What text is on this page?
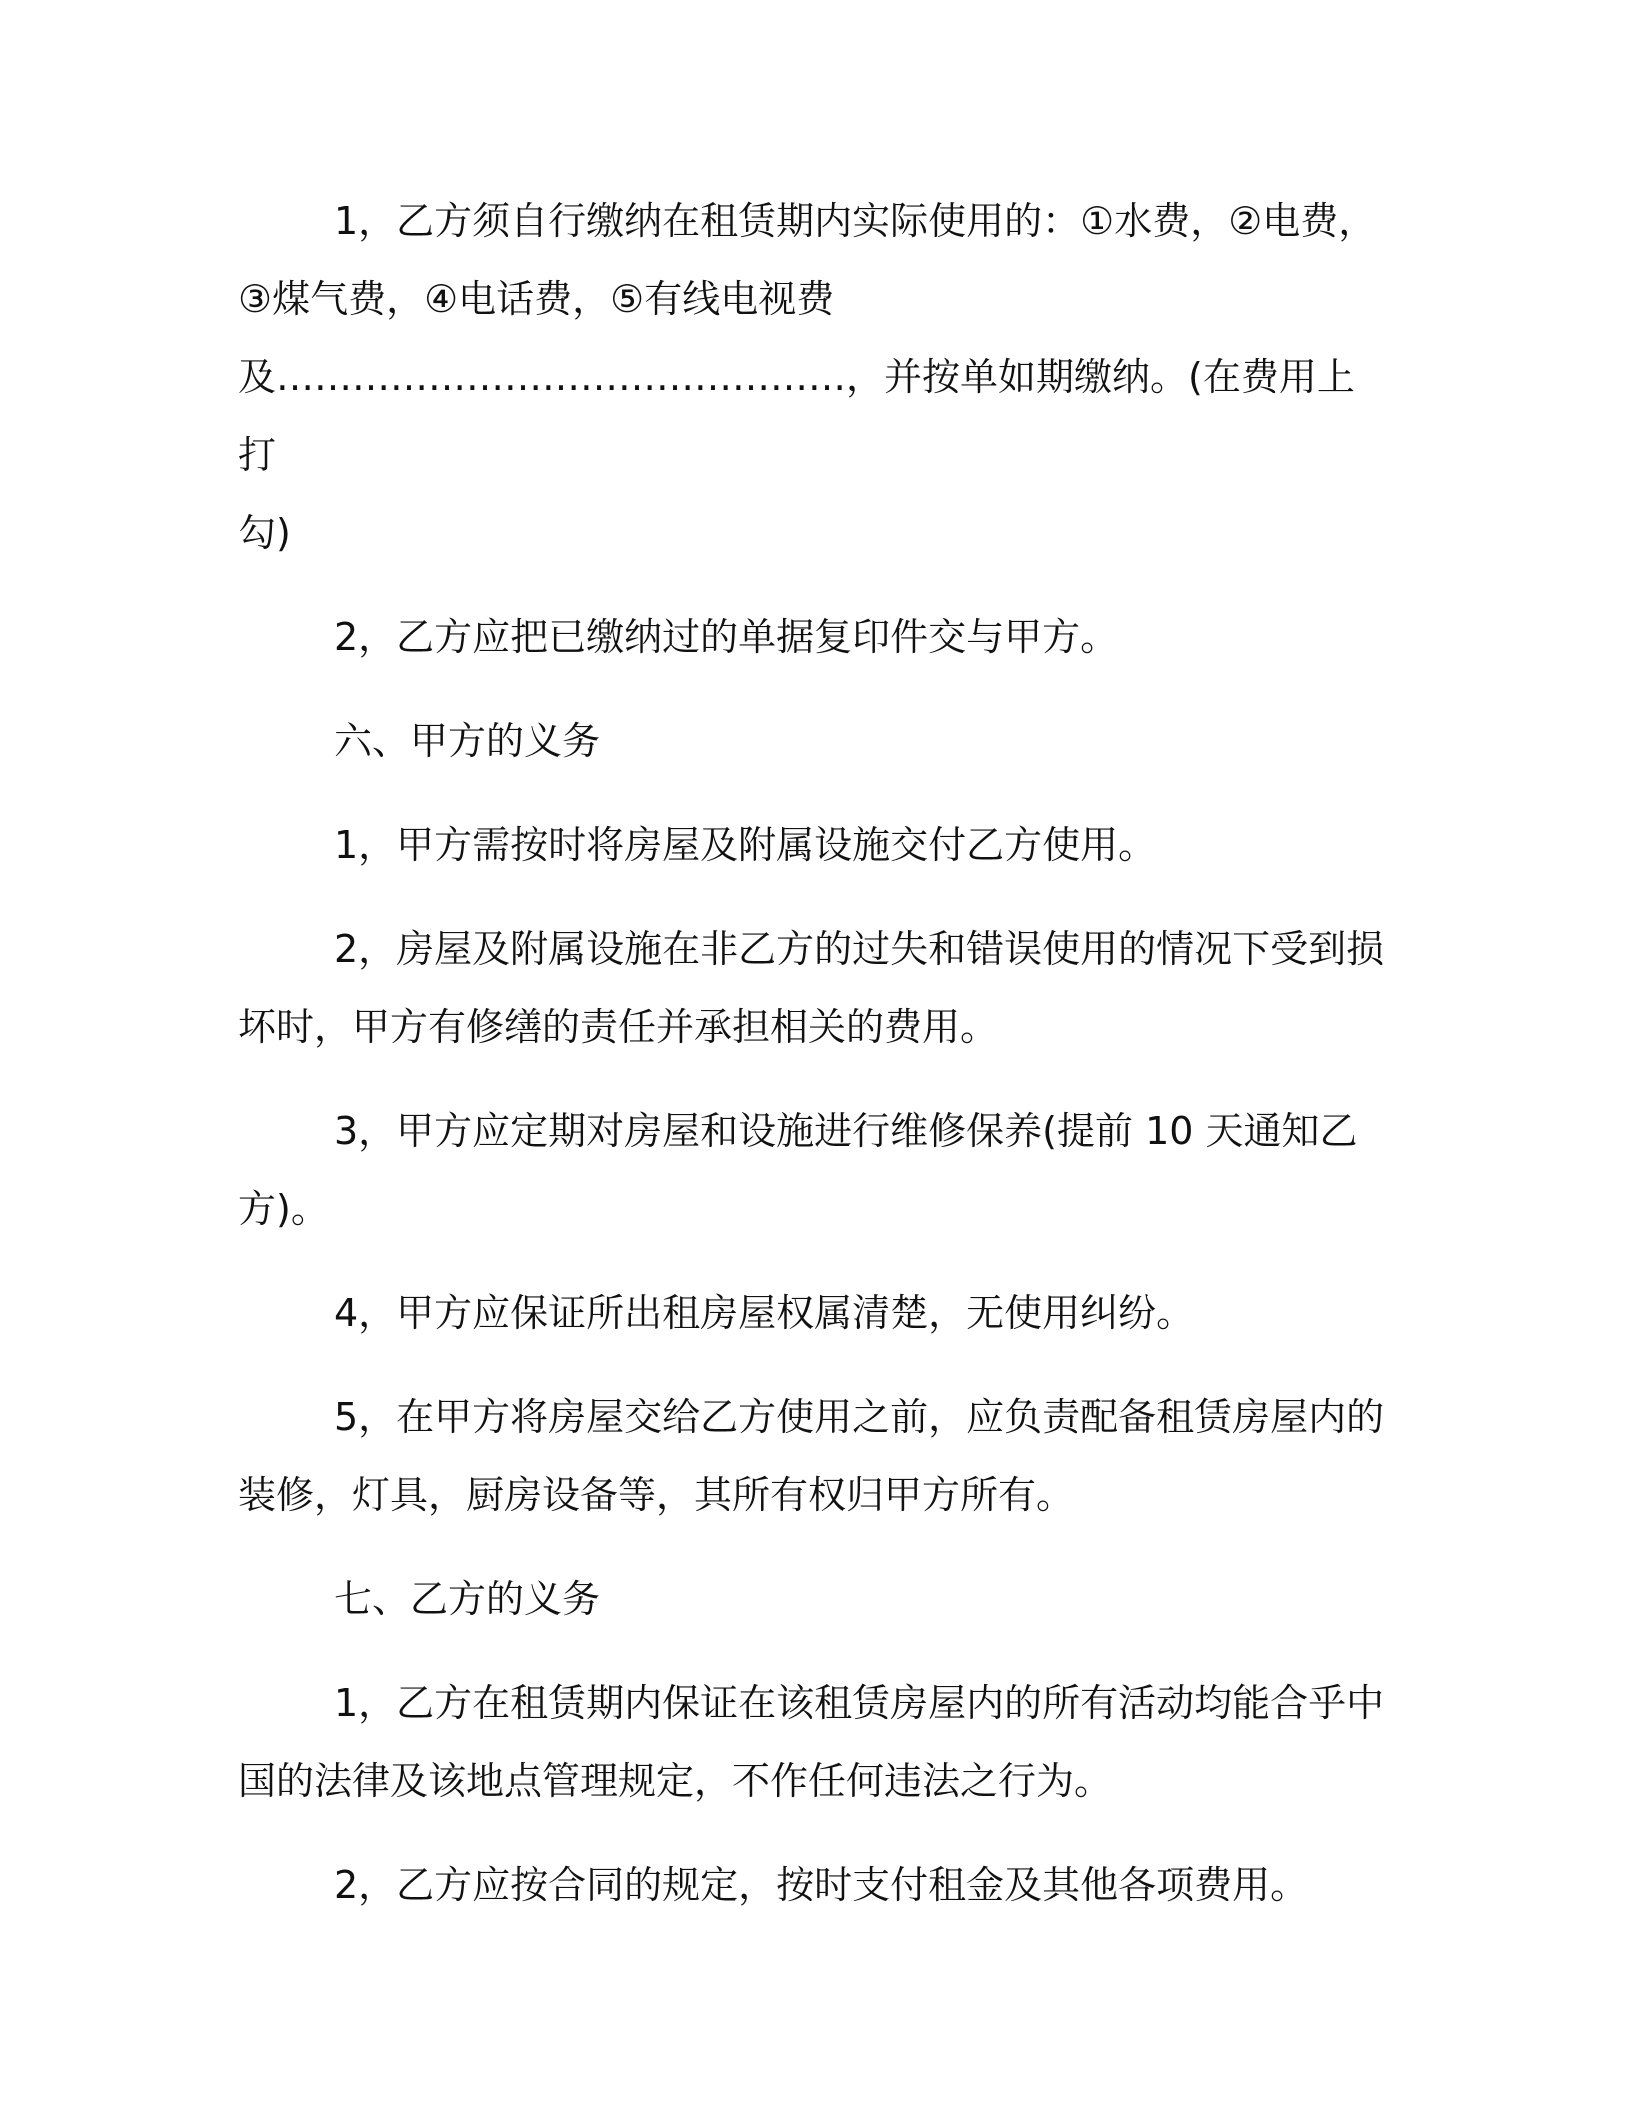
1，乙方须自行缴纳在租赁期内实际使用的：①水费，②电费，
③煤气费，④电话费，⑤有线电视费
及………………………………………，并按单如期缴纳。(在费用上打
勾)

2，乙方应把已缴纳过的单据复印件交与甲方。

六、甲方的义务

1，甲方需按时将房屋及附属设施交付乙方使用。

2，房屋及附属设施在非乙方的过失和错误使用的情况下受到损
坏时，甲方有修缮的责任并承担相关的费用。

3，甲方应定期对房屋和设施进行维修保养(提前 10 天通知乙方)。

4，甲方应保证所出租房屋权属清楚，无使用纠纷。

5，在甲方将房屋交给乙方使用之前，应负责配备租赁房屋内的
装修，灯具，厨房设备等，其所有权归甲方所有。

七、乙方的义务

1，乙方在租赁期内保证在该租赁房屋内的所有活动均能合乎中
国的法律及该地点管理规定，不作任何违法之行为。

2，乙方应按合同的规定，按时支付租金及其他各项费用。
